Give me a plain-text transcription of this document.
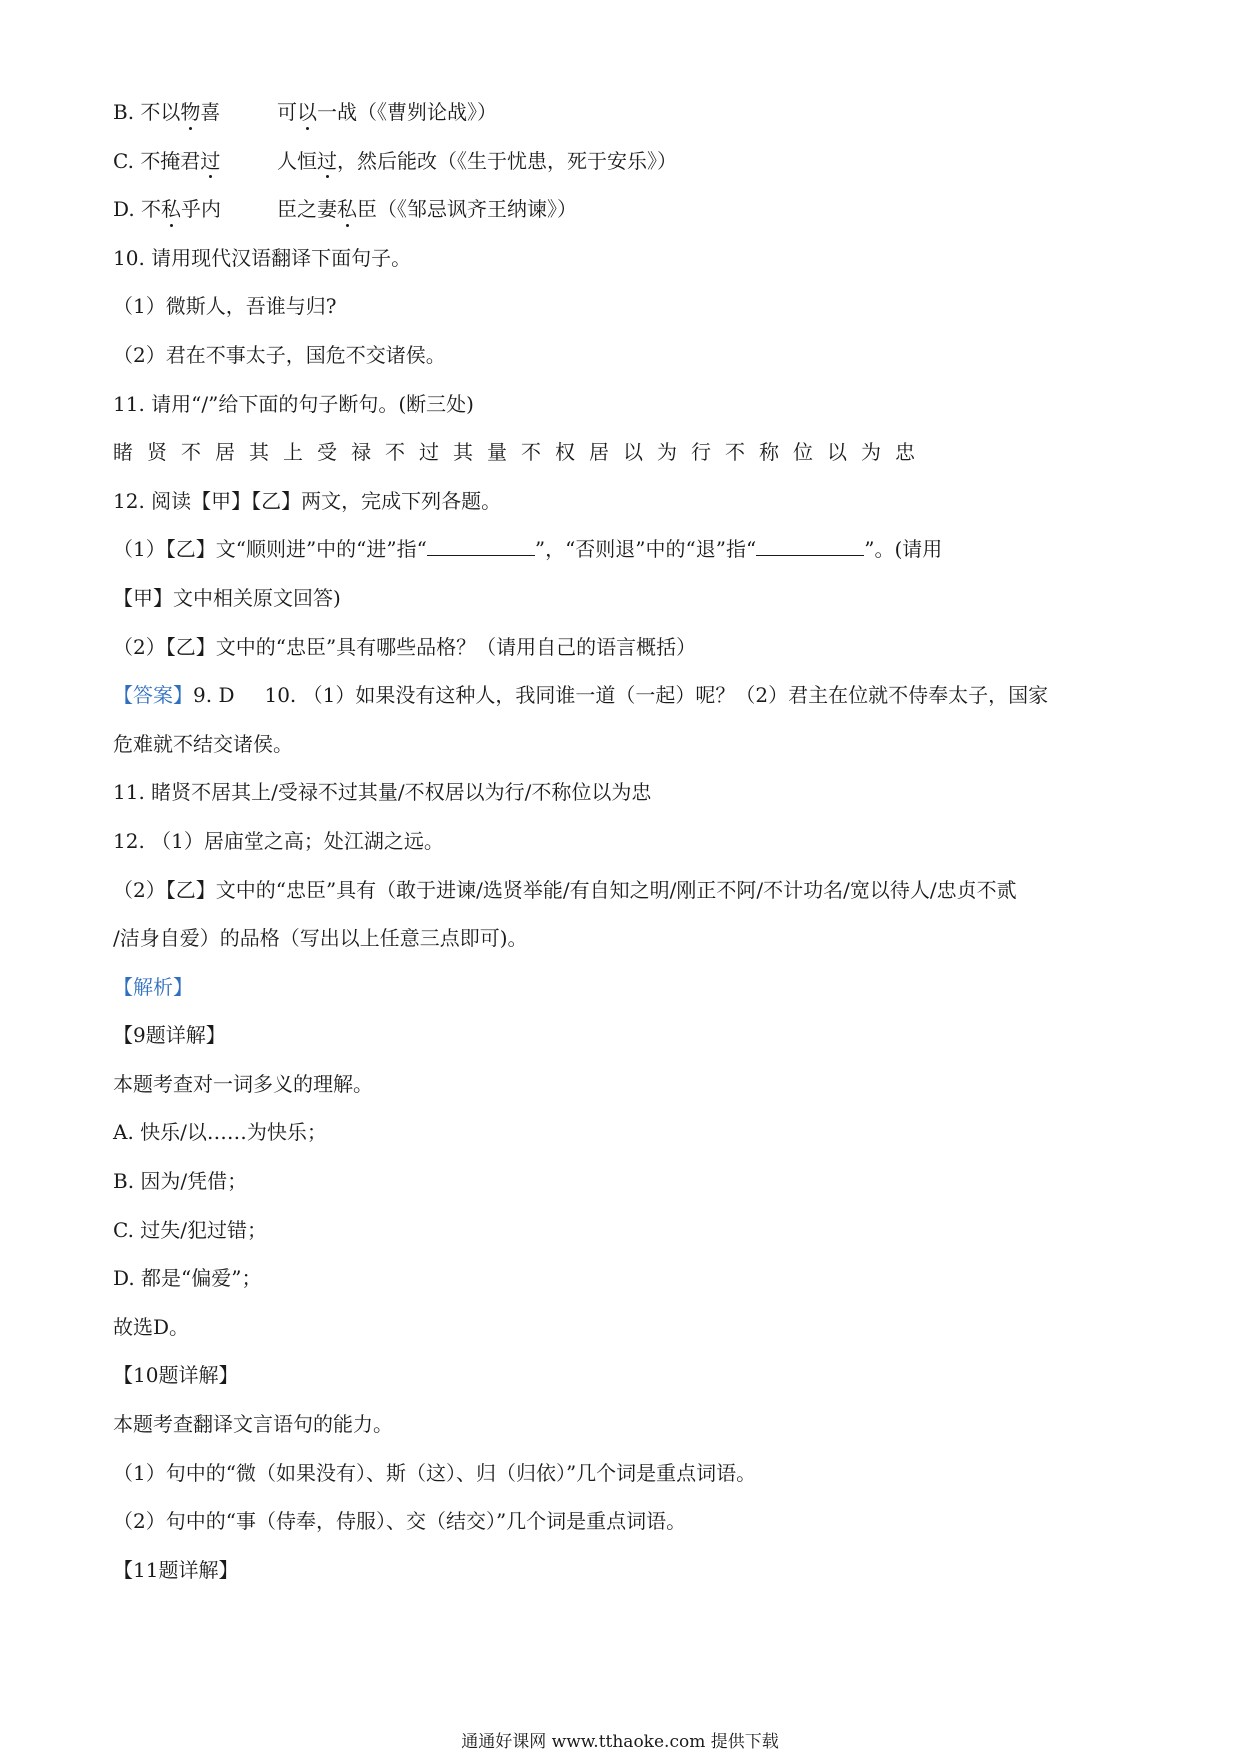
B. 不以物喜	可以一战（《曹刿论战》）
C. 不掩君过	人恒过，然后能改（《生于忧患，死于安乐》）
D. 不私乎内	臣之妻私臣（《邹忌讽齐王纳谏》）
10. 请用现代汉语翻译下面句子。
（1）微斯人，吾谁与归?
（2）君在不事太子，国危不交诸侯。
11. 请用“/”给下面的句子断句。(断三处)
睹贤不居其上受禄不过其量不权居以为行不称位以为忠
12. 阅读【甲】【乙】两文，完成下列各题。
（1）【乙】文“顺则进”中的“进”指“	”，“否则退”中的“退”指“	”。(请用
【甲】文中相关原文回答)
（2）【乙】文中的“忠臣”具有哪些品格？（请用自己的语言概括）
【答案】9. D 10. （1）如果没有这种人，我同谁一道（一起）呢？（2）君主在位就不侍奉太子，国家
危难就不结交诸侯。
11. 睹贤不居其上/受禄不过其量/不权居以为行/不称位以为忠
12. （1）居庙堂之高；处江湖之远。
（2）【乙】文中的“忠臣”具有（敢于进谏/选贤举能/有自知之明/刚正不阿/不计功名/宽以待人/忠贞不贰
/洁身自爱）的品格（写出以上任意三点即可)。
【解析】
【9题详解】
本题考查对一词多义的理解。
A. 快乐/以……为快乐；
B. 因为/凭借；
C. 过失/犯过错；
D. 都是“偏爱”；
故选D。
【10题详解】
本题考查翻译文言语句的能力。
（1）句中的“微（如果没有）、斯（这）、归（归依）”几个词是重点词语。
（2）句中的“事（侍奉，侍服）、交（结交）”几个词是重点词语。
【11题详解】
通通好课网 www.tthaoke.com 提供下载
